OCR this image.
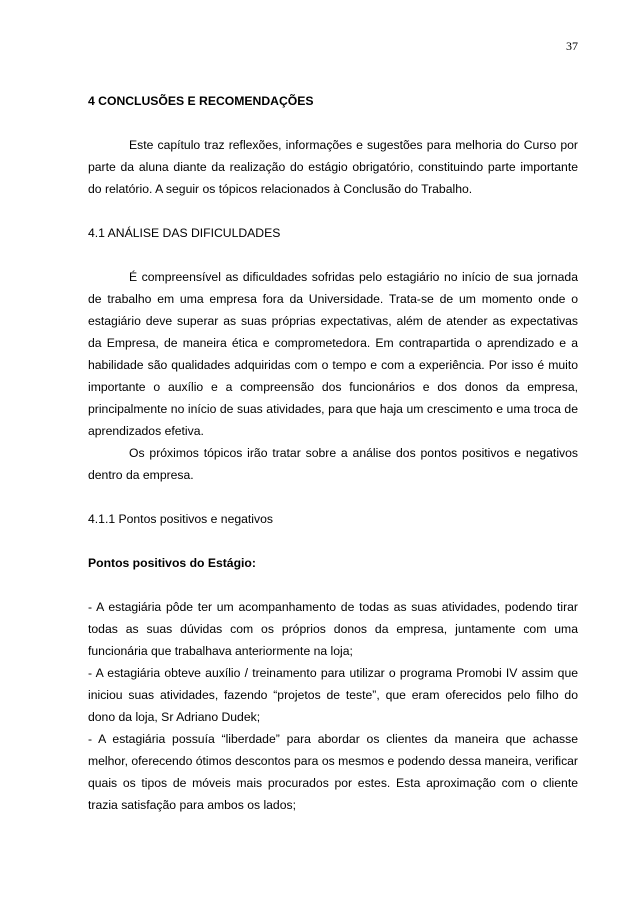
37

4 CONCLUSÕES E RECOMENDAÇÕES

Este capítulo traz reflexões, informações e sugestões para melhoria do Curso por parte da aluna diante da realização do estágio obrigatório, constituindo parte importante do relatório. A seguir os tópicos relacionados à Conclusão do Trabalho.

4.1 ANÁLISE DAS DIFICULDADES

É compreensível as dificuldades sofridas pelo estagiário no início de sua jornada de trabalho em uma empresa fora da Universidade. Trata-se de um momento onde o estagiário deve superar as suas próprias expectativas, além de atender as expectativas da Empresa, de maneira ética e comprometedora. Em contrapartida o aprendizado e a habilidade são qualidades adquiridas com o tempo e com a experiência. Por isso é muito importante o auxílio e a compreensão dos funcionários e dos donos da empresa, principalmente no início de suas atividades, para que haja um crescimento e uma troca de aprendizados efetiva.

Os próximos tópicos irão tratar sobre a análise dos pontos positivos e negativos dentro da empresa.

4.1.1 Pontos positivos e negativos

Pontos positivos do Estágio:

- A estagiária pôde ter um acompanhamento de todas as suas atividades, podendo tirar todas as suas dúvidas com os próprios donos da empresa, juntamente com uma funcionária que trabalhava anteriormente na loja;

- A estagiária obteve auxílio / treinamento para utilizar o programa Promobi IV assim que iniciou suas atividades, fazendo “projetos de teste”, que eram oferecidos pelo filho do dono da loja, Sr Adriano Dudek;

- A estagiária possuía “liberdade” para abordar os clientes da maneira que achasse melhor, oferecendo ótimos descontos para os mesmos e podendo dessa maneira, verificar quais os tipos de móveis mais procurados por estes. Esta aproximação com o cliente trazia satisfação para ambos os lados;
